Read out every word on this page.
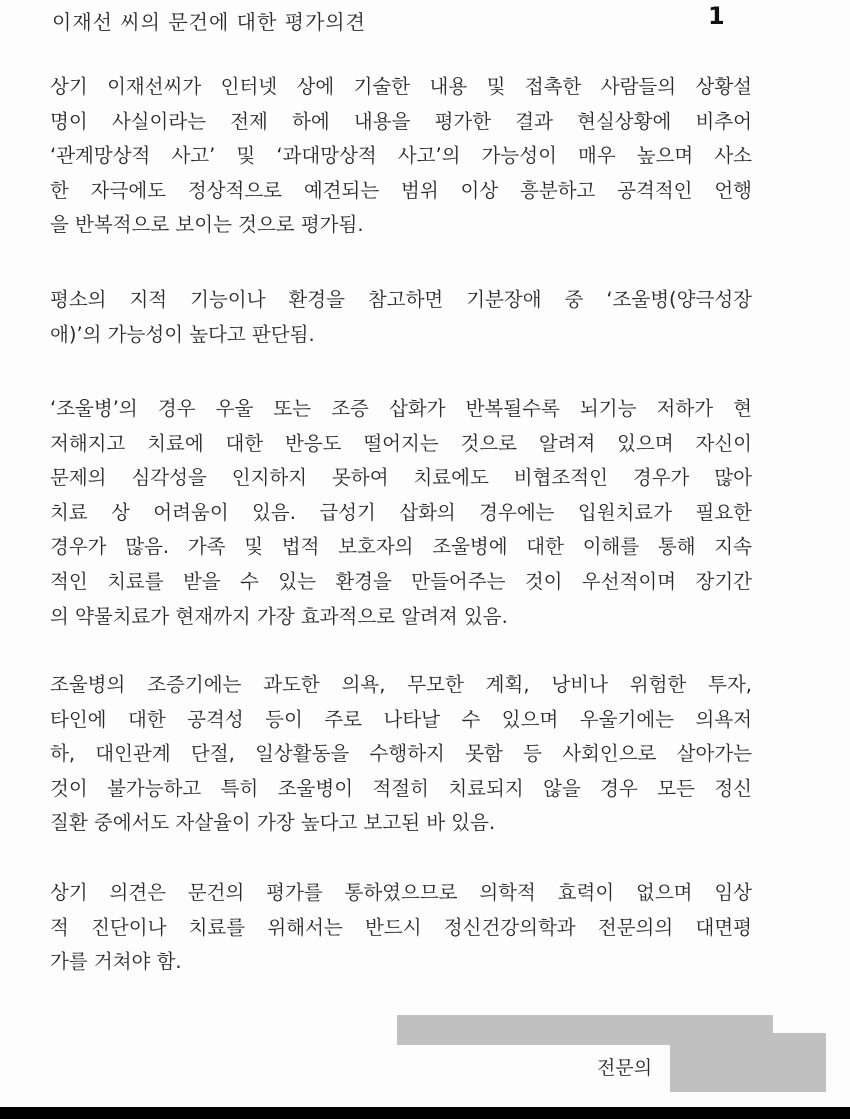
이재선 씨의 문건에 대한 평가의견	1
상기 이재선씨가 인터넷 상에 기술한 내용 및 접촉한 사람들의 상황설
명이 사실이라는 전제 하에 내용을 평가한 결과 현실상황에 비추어
‘관계망상적 사고’ 및 ‘과대망상적 사고’의 가능성이 매우 높으며 사소
한 자극에도 정상적으로 예견되는 범위 이상 흥분하고 공격적인 언행
을 반복적으로 보이는 것으로 평가됨.
평소의 지적 기능이나 환경을 참고하면 기분장애 중 ‘조울병(양극성장
애)’의 가능성이 높다고 판단됨.
‘조울병’의 경우 우울 또는 조증 삽화가 반복될수록 뇌기능 저하가 현
저해지고 치료에 대한 반응도 떨어지는 것으로 알려져 있으며 자신이
문제의 심각성을 인지하지 못하여 치료에도 비협조적인 경우가 많아
치료 상 어려움이 있음. 급성기 삽화의 경우에는 입원치료가 필요한
경우가 많음. 가족 및 법적 보호자의 조울병에 대한 이해를 통해 지속
적인 치료를 받을 수 있는 환경을 만들어주는 것이 우선적이며 장기간
의 약물치료가 현재까지 가장 효과적으로 알려져 있음.
조울병의 조증기에는 과도한 의욕, 무모한 계획, 낭비나 위험한 투자,
타인에 대한 공격성 등이 주로 나타날 수 있으며 우울기에는 의욕저
하, 대인관계 단절, 일상활동을 수행하지 못함 등 사회인으로 살아가는
것이 불가능하고 특히 조울병이 적절히 치료되지 않을 경우 모든 정신
질환 중에서도 자살율이 가장 높다고 보고된 바 있음.
상기 의견은 문건의 평가를 통하였으므로 의학적 효력이 없으며 임상
적 진단이나 치료를 위해서는 반드시 정신건강의학과 전문의의 대면평
가를 거쳐야 함.
전문의
